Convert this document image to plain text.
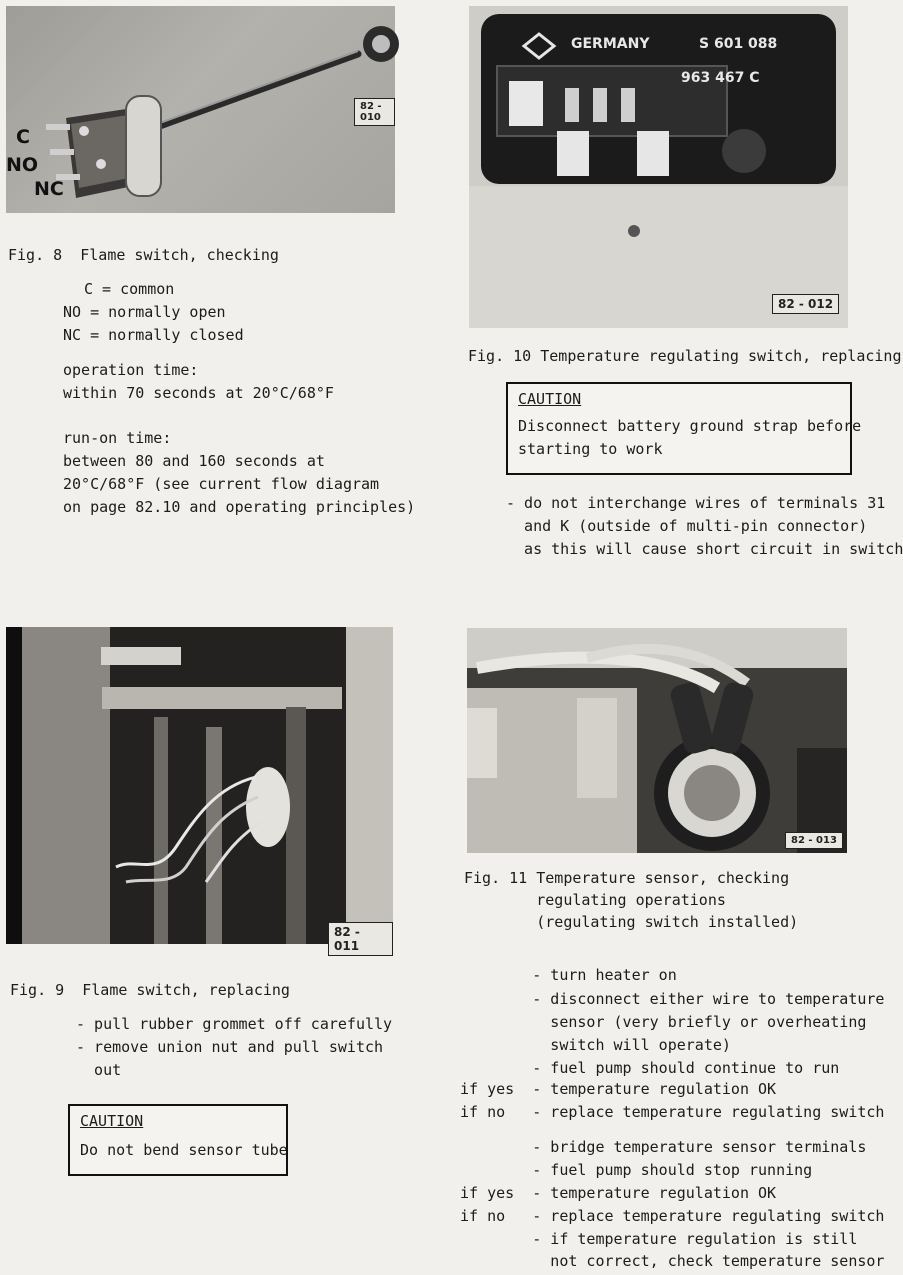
C
NO
NC
82 - 010
Fig. 8  Flame switch, checking
C = common
NO = normally open
NC = normally closed
operation time:
within 70 seconds at 20°C/68°F
run-on time:
between 80 and 160 seconds at
20°C/68°F (see current flow diagram
on page 82.10 and operating principles)
GERMANY	S 601 088
963 467 C
82 - 012
Fig. 10 Temperature regulating switch, replacing
CAUTION
Disconnect battery ground strap before
starting to work
- do not interchange wires of terminals 31
and K (outside of multi-pin connector)
as this will cause short circuit in switch
82 - 011
Fig. 9  Flame switch, replacing
- pull rubber grommet off carefully
- remove union nut and pull switch
out
CAUTION
Do not bend sensor tube
82 - 013
Fig. 11 Temperature sensor, checking
regulating operations
(regulating switch installed)
- turn heater on
- disconnect either wire to temperature
sensor (very briefly or overheating
switch will operate)
- fuel pump should continue to run
if yes  - temperature regulation OK
if no   - replace temperature regulating switch
- bridge temperature sensor terminals
- fuel pump should stop running
if yes  - temperature regulation OK
if no   - replace temperature regulating switch
- if temperature regulation is still
not correct, check temperature sensor
